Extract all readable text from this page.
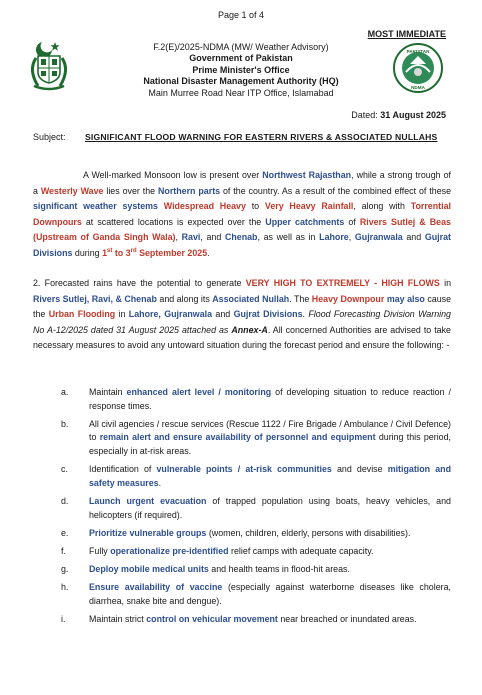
Page 1 of 4
MOST IMMEDIATE
F.2(E)/2025-NDMA (MW/ Weather Advisory)
Government of Pakistan
Prime Minister's Office
National Disaster Management Authority (HQ)
Main Murree Road Near ITP Office, Islamabad
PAKISTAN
NDMA
Dated: 31 August 2025
Subject: SIGNIFICANT FLOOD WARNING FOR EASTERN RIVERS & ASSOCIATED NULLAHS
A Well-marked Monsoon low is present over Northwest Rajasthan, while a strong trough of a Westerly Wave lies over the Northern parts of the country. As a result of the combined effect of these significant weather systems Widespread Heavy to Very Heavy Rainfall, along with Torrential Downpours at scattered locations is expected over the Upper catchments of Rivers Sutlej & Beas (Upstream of Ganda Singh Wala), Ravi, and Chenab, as well as in Lahore, Gujranwala and Gujrat Divisions during 1st to 3rd September 2025.
2. Forecasted rains have the potential to generate VERY HIGH TO EXTREMELY - HIGH FLOWS in Rivers Sutlej, Ravi, & Chenab and along its Associated Nullah. The Heavy Downpour may also cause the Urban Flooding in Lahore, Gujranwala and Gujrat Divisions. Flood Forecasting Division Warning No A-12/2025 dated 31 August 2025 attached as Annex-A. All concerned Authorities are advised to take necessary measures to avoid any untoward situation during the forecast period and ensure the following: -
a. Maintain enhanced alert level / monitoring of developing situation to reduce reaction / response times.
b. All civil agencies / rescue services (Rescue 1122 / Fire Brigade / Ambulance / Civil Defence) to remain alert and ensure availability of personnel and equipment during this period, especially in at-risk areas.
c. Identification of vulnerable points / at-risk communities and devise mitigation and safety measures.
d. Launch urgent evacuation of trapped population using boats, heavy vehicles, and helicopters (if required).
e. Prioritize vulnerable groups (women, children, elderly, persons with disabilities).
f.	Fully operationalize pre-identified relief camps with adequate capacity.
g. Deploy mobile medical units and health teams in flood-hit areas.
h. Ensure availability of vaccine (especially against waterborne diseases like cholera, diarrhea, snake bite and dengue).
i.	Maintain strict control on vehicular movement near breached or inundated areas.
